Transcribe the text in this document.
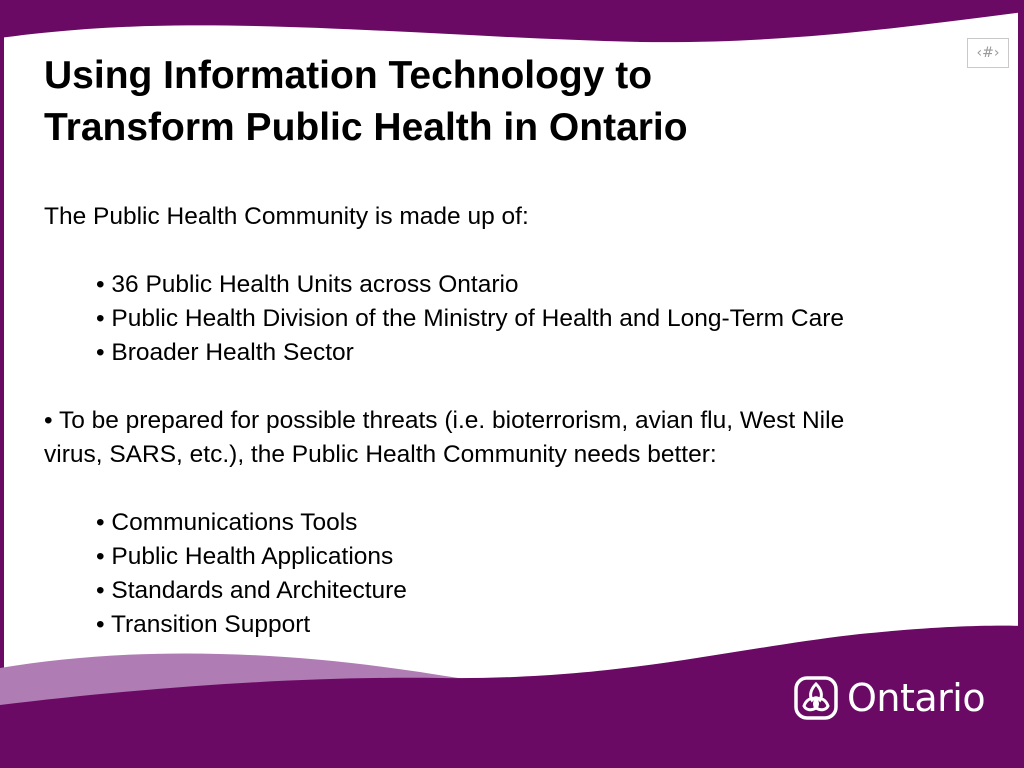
‹#›
Using Information Technology to
Transform Public Health in Ontario
The Public Health Community is made up of:
• 36 Public Health Units across Ontario
• Public Health Division of the Ministry of Health and Long-Term Care
• Broader Health Sector
• To be prepared for possible threats (i.e. bioterrorism, avian flu, West Nile
virus, SARS, etc.), the Public Health Community needs better:
• Communications Tools
• Public Health Applications
• Standards and Architecture
• Transition Support
Ontario
